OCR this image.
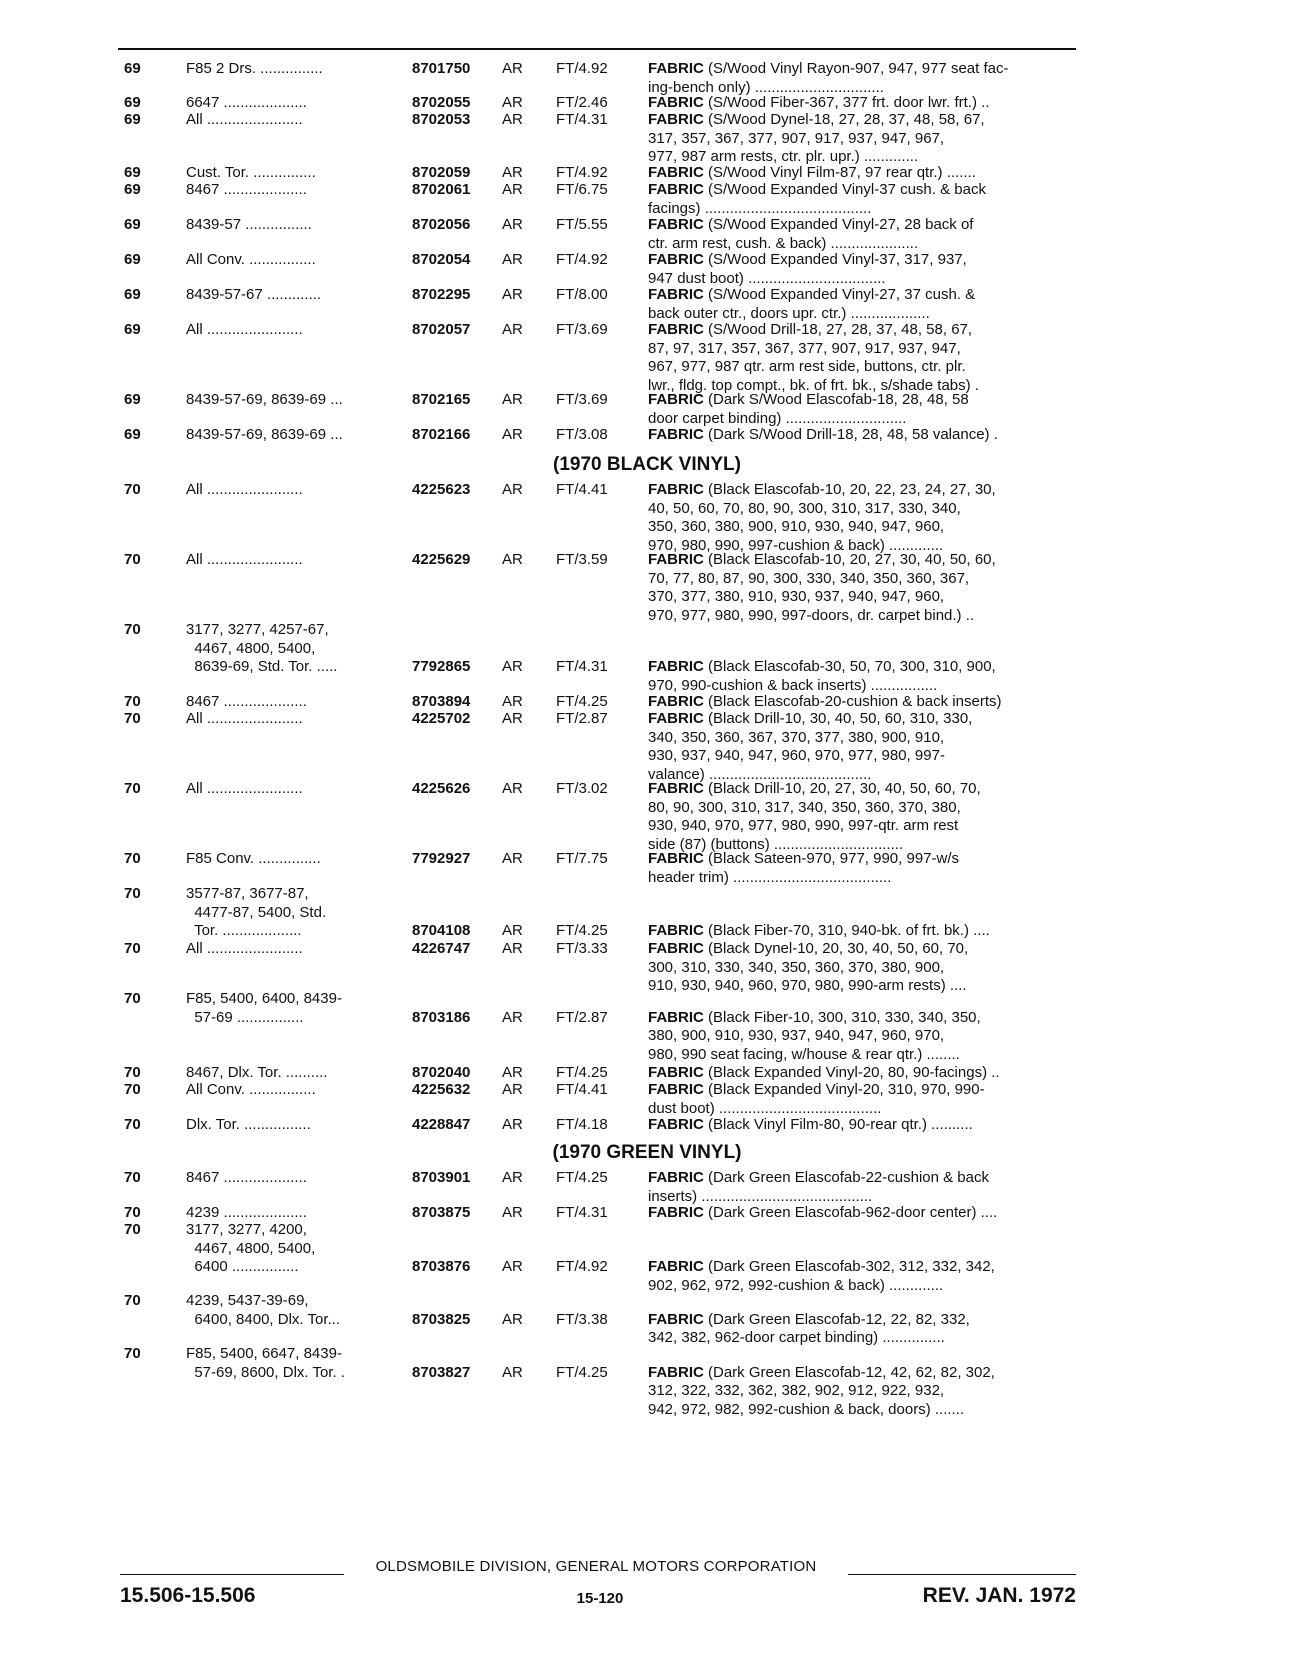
69	F85 2 Drs. ...............	8701750	AR	FT/4.92	FABRIC (S/Wood Vinyl Rayon-907, 947, 977 seat fac-
ing-bench only) ...............................
69	6647 ....................	8702055	AR	FT/2.46	FABRIC (S/Wood Fiber-367, 377 frt. door lwr. frt.) ..
69	All .......................	8702053	AR	FT/4.31	FABRIC (S/Wood Dynel-18, 27, 28, 37, 48, 58, 67,
317, 357, 367, 377, 907, 917, 937, 947, 967,
977, 987 arm rests, ctr. plr. upr.) .............
69	Cust. Tor. ...............	8702059	AR	FT/4.92	FABRIC (S/Wood Vinyl Film-87, 97 rear qtr.) .......
69	8467 ....................	8702061	AR	FT/6.75	FABRIC (S/Wood Expanded Vinyl-37 cush. & back
facings) ........................................
69	8439-57 ................	8702056	AR	FT/5.55	FABRIC (S/Wood Expanded Vinyl-27, 28 back of
ctr. arm rest, cush. & back) .....................
69	All Conv. ................	8702054	AR	FT/4.92	FABRIC (S/Wood Expanded Vinyl-37, 317, 937,
947 dust boot) .................................
69	8439-57-67 .............	8702295	AR	FT/8.00	FABRIC (S/Wood Expanded Vinyl-27, 37 cush. &
back outer ctr., doors upr. ctr.) ...................
69	All .......................	8702057	AR	FT/3.69	FABRIC (S/Wood Drill-18, 27, 28, 37, 48, 58, 67,
87, 97, 317, 357, 367, 377, 907, 917, 937, 947,
967, 977, 987 qtr. arm rest side, buttons, ctr. plr.
lwr., fldg. top compt., bk. of frt. bk., s/shade tabs) .
69	8439-57-69, 8639-69 ...	8702165	AR	FT/3.69	FABRIC (Dark S/Wood Elascofab-18, 28, 48, 58
door carpet binding) .............................
69	8439-57-69, 8639-69 ...	8702166	AR	FT/3.08	FABRIC (Dark S/Wood Drill-18, 28, 48, 58 valance) .
70	All .......................	4225623	AR	FT/4.41	FABRIC (Black Elascofab-10, 20, 22, 23, 24, 27, 30,
40, 50, 60, 70, 80, 90, 300, 310, 317, 330, 340,
350, 360, 380, 900, 910, 930, 940, 947, 960,
970, 980, 990, 997-cushion & back) .............
70	All .......................	4225629	AR	FT/3.59	FABRIC (Black Elascofab-10, 20, 27, 30, 40, 50, 60,
70, 77, 80, 87, 90, 300, 330, 340, 350, 360, 367,
370, 377, 380, 910, 930, 937, 940, 947, 960,
970, 977, 980, 990, 997-doors, dr. carpet bind.) ..
70	3177, 3277, 4257-67,
4467, 4800, 5400,
8639-69, Std. Tor. .....	7792865	AR	FT/4.31	FABRIC (Black Elascofab-30, 50, 70, 300, 310, 900,
970, 990-cushion & back inserts) ................
70	8467 ....................	8703894	AR	FT/4.25	FABRIC (Black Elascofab-20-cushion & back inserts)
70	All .......................	4225702	AR	FT/2.87	FABRIC (Black Drill-10, 30, 40, 50, 60, 310, 330,
340, 350, 360, 367, 370, 377, 380, 900, 910,
930, 937, 940, 947, 960, 970, 977, 980, 997-
valance) .......................................
70	All .......................	4225626	AR	FT/3.02	FABRIC (Black Drill-10, 20, 27, 30, 40, 50, 60, 70,
80, 90, 300, 310, 317, 340, 350, 360, 370, 380,
930, 940, 970, 977, 980, 990, 997-qtr. arm rest
side (87) (buttons) ...............................
70	F85 Conv. ...............	7792927	AR	FT/7.75	FABRIC (Black Sateen-970, 977, 990, 997-w/s
header trim) ......................................
70	3577-87, 3677-87,
4477-87, 5400, Std.
Tor. ...................	8704108	AR	FT/4.25	FABRIC (Black Fiber-70, 310, 940-bk. of frt. bk.) ....
70	All .......................	4226747	AR	FT/3.33	FABRIC (Black Dynel-10, 20, 30, 40, 50, 60, 70,
300, 310, 330, 340, 350, 360, 370, 380, 900,
910, 930, 940, 960, 970, 980, 990-arm rests) ....
70	F85, 5400, 6400, 8439-
57-69 ................	8703186	AR	FT/2.87	FABRIC (Black Fiber-10, 300, 310, 330, 340, 350,
380, 900, 910, 930, 937, 940, 947, 960, 970,
980, 990 seat facing, w/house & rear qtr.) ........
70	8467, Dlx. Tor. ..........	8702040	AR	FT/4.25	FABRIC (Black Expanded Vinyl-20, 80, 90-facings) ..
70	All Conv. ................	4225632	AR	FT/4.41	FABRIC (Black Expanded Vinyl-20, 310, 970, 990-
dust boot) .......................................
70	Dlx. Tor. ................	4228847	AR	FT/4.18	FABRIC (Black Vinyl Film-80, 90-rear qtr.) ..........
70	8467 ....................	8703901	AR	FT/4.25	FABRIC (Dark Green Elascofab-22-cushion & back
inserts) .........................................
70	4239 ....................	8703875	AR	FT/4.31	FABRIC (Dark Green Elascofab-962-door center) ....
70	3177, 3277, 4200,
4467, 4800, 5400,
6400 ................	8703876	AR	FT/4.92	FABRIC (Dark Green Elascofab-302, 312, 332, 342,
902, 962, 972, 992-cushion & back) .............
70	4239, 5437-39-69,
6400, 8400, Dlx. Tor...	8703825	AR	FT/3.38	FABRIC (Dark Green Elascofab-12, 22, 82, 332,
342, 382, 962-door carpet binding) ...............
70	F85, 5400, 6647, 8439-
57-69, 8600, Dlx. Tor. .	8703827	AR	FT/4.25	FABRIC (Dark Green Elascofab-12, 42, 62, 82, 302,
312, 322, 332, 362, 382, 902, 912, 922, 932,
942, 972, 982, 992-cushion & back, doors) .......
(1970 BLACK VINYL)
(1970 GREEN VINYL)
OLDSMOBILE DIVISION, GENERAL MOTORS CORPORATION
15.506-15.506	15-120	REV. JAN. 1972
